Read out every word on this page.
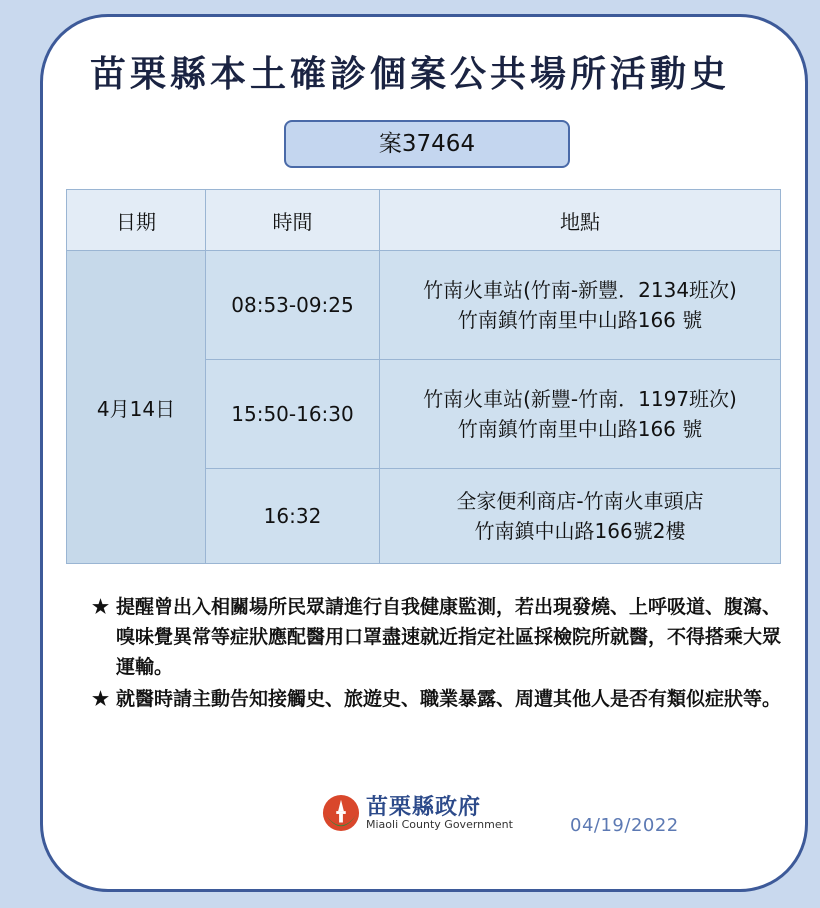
苗栗縣本土確診個案公共場所活動史
案37464
日期	時間	地點
4月14日	08:53-09:25	竹南火車站(竹南-新豐．2134班次)
竹南鎮竹南里中山路166 號

	15:50-16:30	竹南火車站(新豐-竹南．1197班次)
竹南鎮竹南里中山路166 號

	16:32	全家便利商店-竹南火車頭店
竹南鎮中山路166號2樓
★ 提醒曾出入相關場所民眾請進行自我健康監測，若出現發燒、上呼吸道、腹瀉、嗅味覺異常等症狀應配醫用口罩盡速就近指定社區採檢院所就醫，不得搭乘大眾運輸。
★ 就醫時請主動告知接觸史、旅遊史、職業暴露、周遭其他人是否有類似症狀等。
苗栗縣政府
Miaoli County Government	04/19/2022
